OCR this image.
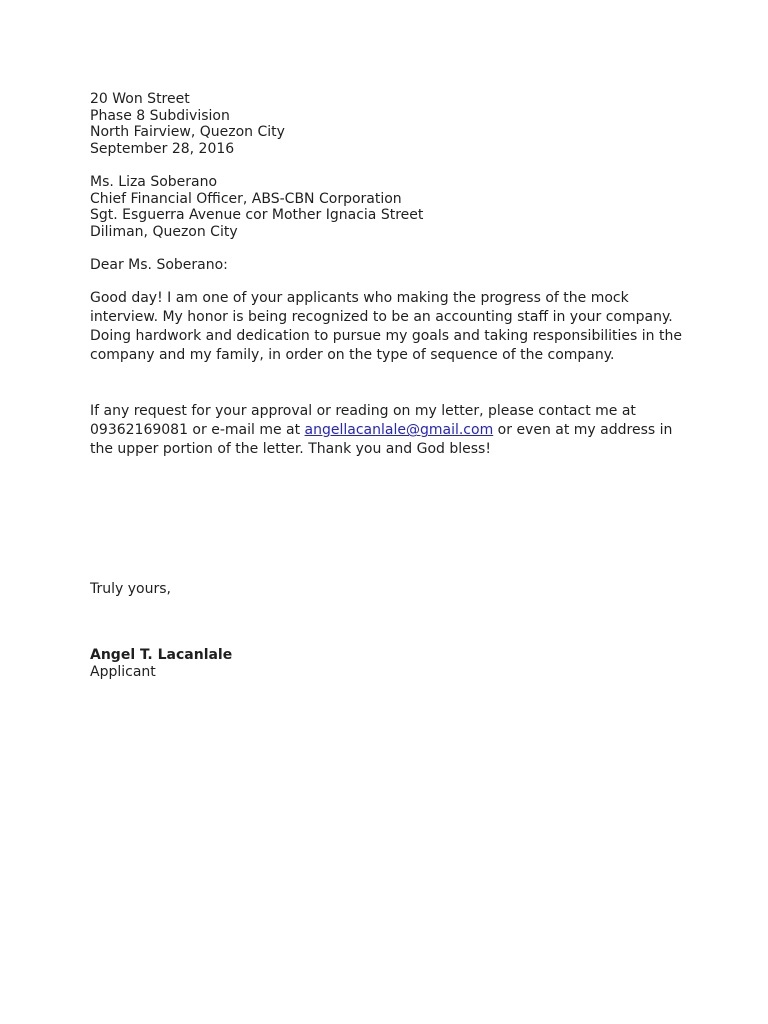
20 Won Street
Phase 8 Subdivision
North Fairview, Quezon City
September 28, 2016
Ms. Liza Soberano
Chief Financial Officer, ABS-CBN Corporation
Sgt. Esguerra Avenue cor Mother Ignacia Street
Diliman, Quezon City
Dear Ms. Soberano:
Good day! I am one of your applicants who making the progress of the mock
interview. My honor is being recognized to be an accounting staff in your company.
Doing hardwork and dedication to pursue my goals and taking responsibilities in the
company and my family, in order on the type of sequence of the company.
If any request for your approval or reading on my letter, please contact me at
09362169081 or e-mail me at angellacanlale@gmail.com or even at my address in
the upper portion of the letter. Thank you and God bless!
Truly yours,
Angel T. Lacanlale
Applicant
